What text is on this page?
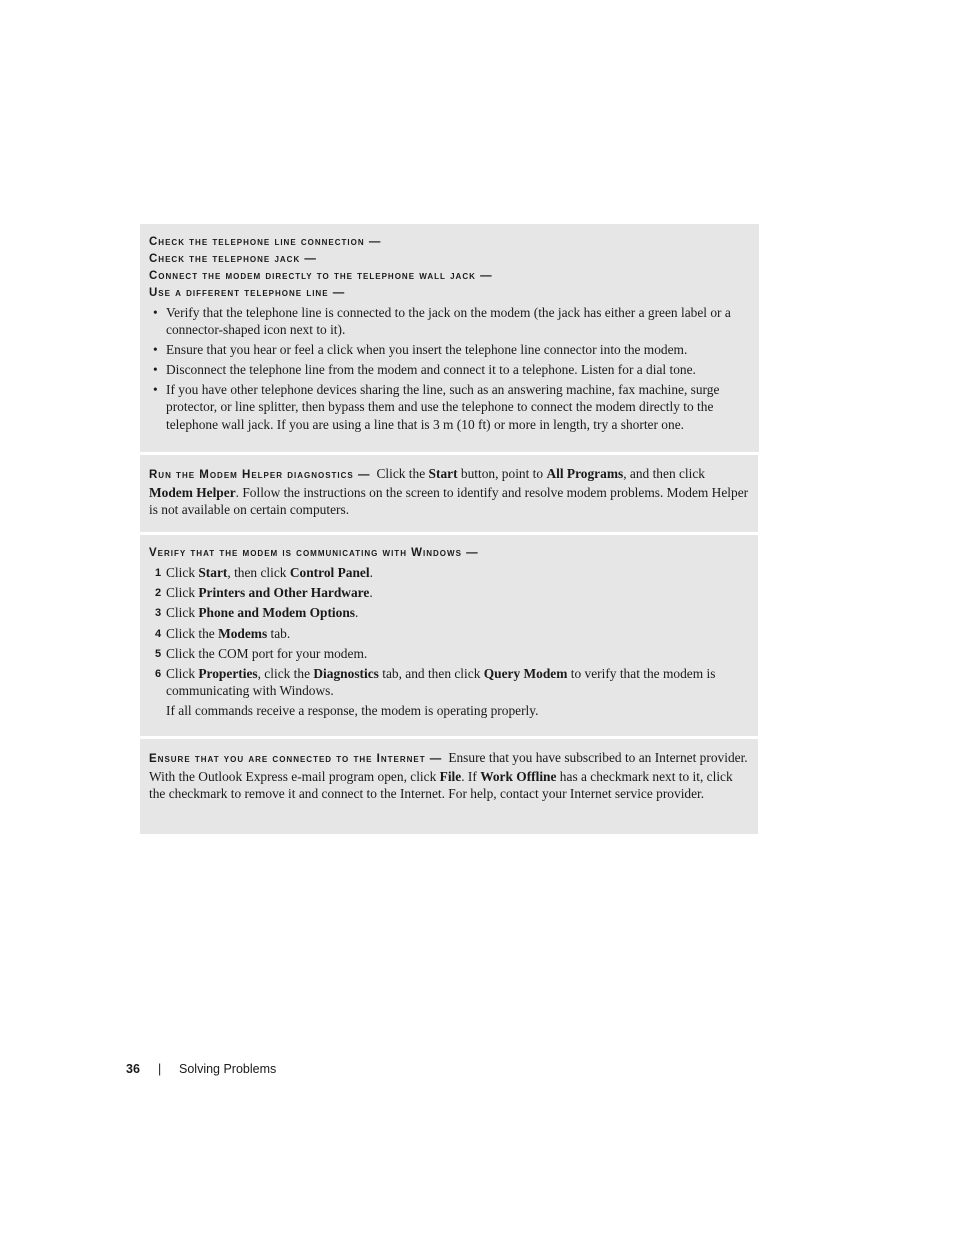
Check the telephone line connection —
Check the telephone jack —
Connect the modem directly to the telephone wall jack —
Use a different telephone line —
• Verify that the telephone line is connected to the jack on the modem (the jack has either a green label or a connector-shaped icon next to it).
• Ensure that you hear or feel a click when you insert the telephone line connector into the modem.
• Disconnect the telephone line from the modem and connect it to a telephone. Listen for a dial tone.
• If you have other telephone devices sharing the line, such as an answering machine, fax machine, surge protector, or line splitter, then bypass them and use the telephone to connect the modem directly to the telephone wall jack. If you are using a line that is 3 m (10 ft) or more in length, try a shorter one.

Run the Modem Helper diagnostics — Click the Start button, point to All Programs, and then click Modem Helper. Follow the instructions on the screen to identify and resolve modem problems. Modem Helper is not available on certain computers.

Verify that the modem is communicating with Windows —
1 Click Start, then click Control Panel.
2 Click Printers and Other Hardware.
3 Click Phone and Modem Options.
4 Click the Modems tab.
5 Click the COM port for your modem.
6 Click Properties, click the Diagnostics tab, and then click Query Modem to verify that the modem is communicating with Windows.
If all commands receive a response, the modem is operating properly.

Ensure that you are connected to the Internet — Ensure that you have subscribed to an Internet provider. With the Outlook Express e-mail program open, click File. If Work Offline has a checkmark next to it, click the checkmark to remove it and connect to the Internet. For help, contact your Internet service provider.

36 | Solving Problems
